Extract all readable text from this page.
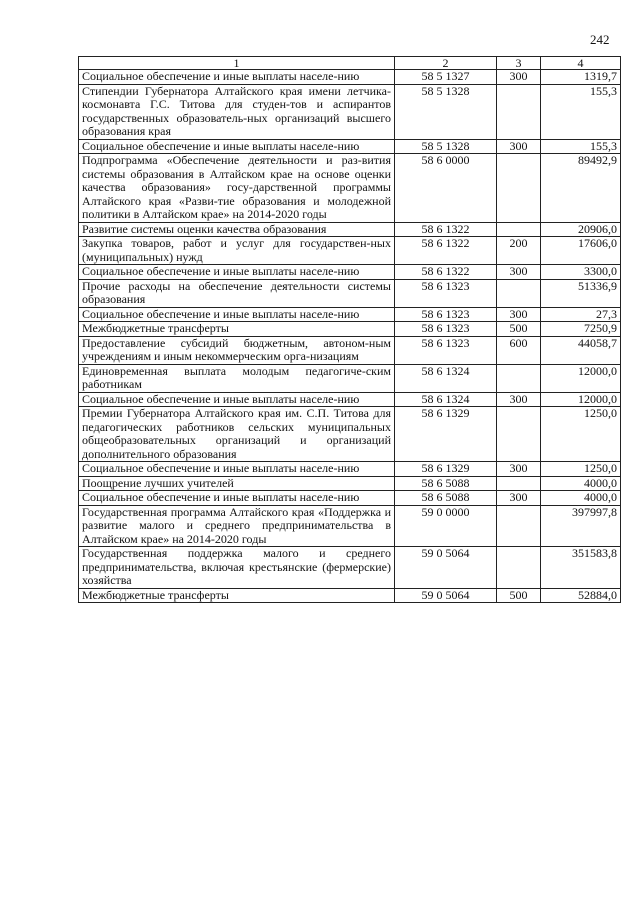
242
1	2	3	4
Социальное обеспечение и иные выплаты населе-нию	58 5 1327	300	1319,7
Стипендии Губернатора Алтайского края имени летчика-космонавта Г.С. Титова для студен-тов и аспирантов государственных образователь-ных организаций высшего образования края	58 5 1328		155,3
Социальное обеспечение и иные выплаты населе-нию	58 5 1328	300	155,3
Подпрограмма «Обеспечение деятельности и раз-вития системы образования в Алтайском крае на основе оценки качества образования» госу-дарственной программы Алтайского края «Разви-тие образования и молодежной политики в Алтайском крае» на 2014-2020 годы	58 6 0000		89492,9
Развитие системы оценки качества образования	58 6 1322		20906,0
Закупка товаров, работ и услуг для государствен-ных (муниципальных) нужд	58 6 1322	200	17606,0
Социальное обеспечение и иные выплаты населе-нию	58 6 1322	300	3300,0
Прочие расходы на обеспечение деятельности системы образования	58 6 1323		51336,9
Социальное обеспечение и иные выплаты населе-нию	58 6 1323	300	27,3
Межбюджетные трансферты	58 6 1323	500	7250,9
Предоставление субсидий бюджетным, автоном-ным учреждениям и иным некоммерческим орга-низациям	58 6 1323	600	44058,7
Единовременная выплата молодым педагогиче-ским работникам	58 6 1324		12000,0
Социальное обеспечение и иные выплаты населе-нию	58 6 1324	300	12000,0
Премии Губернатора Алтайского края им. С.П. Титова для педагогических работников сельских муниципальных общеобразовательных организаций и организаций дополнительного образования	58 6 1329		1250,0
Социальное обеспечение и иные выплаты населе-нию	58 6 1329	300	1250,0
Поощрение лучших учителей	58 6 5088		4000,0
Социальное обеспечение и иные выплаты населе-нию	58 6 5088	300	4000,0
Государственная программа Алтайского края «Поддержка и развитие малого и среднего предпринимательства в Алтайском крае» на 2014-2020 годы	59 0 0000		397997,8
Государственная поддержка малого и среднего предпринимательства, включая крестьянские (фермерские) хозяйства	59 0 5064		351583,8
Межбюджетные трансферты	59 0 5064	500	52884,0
